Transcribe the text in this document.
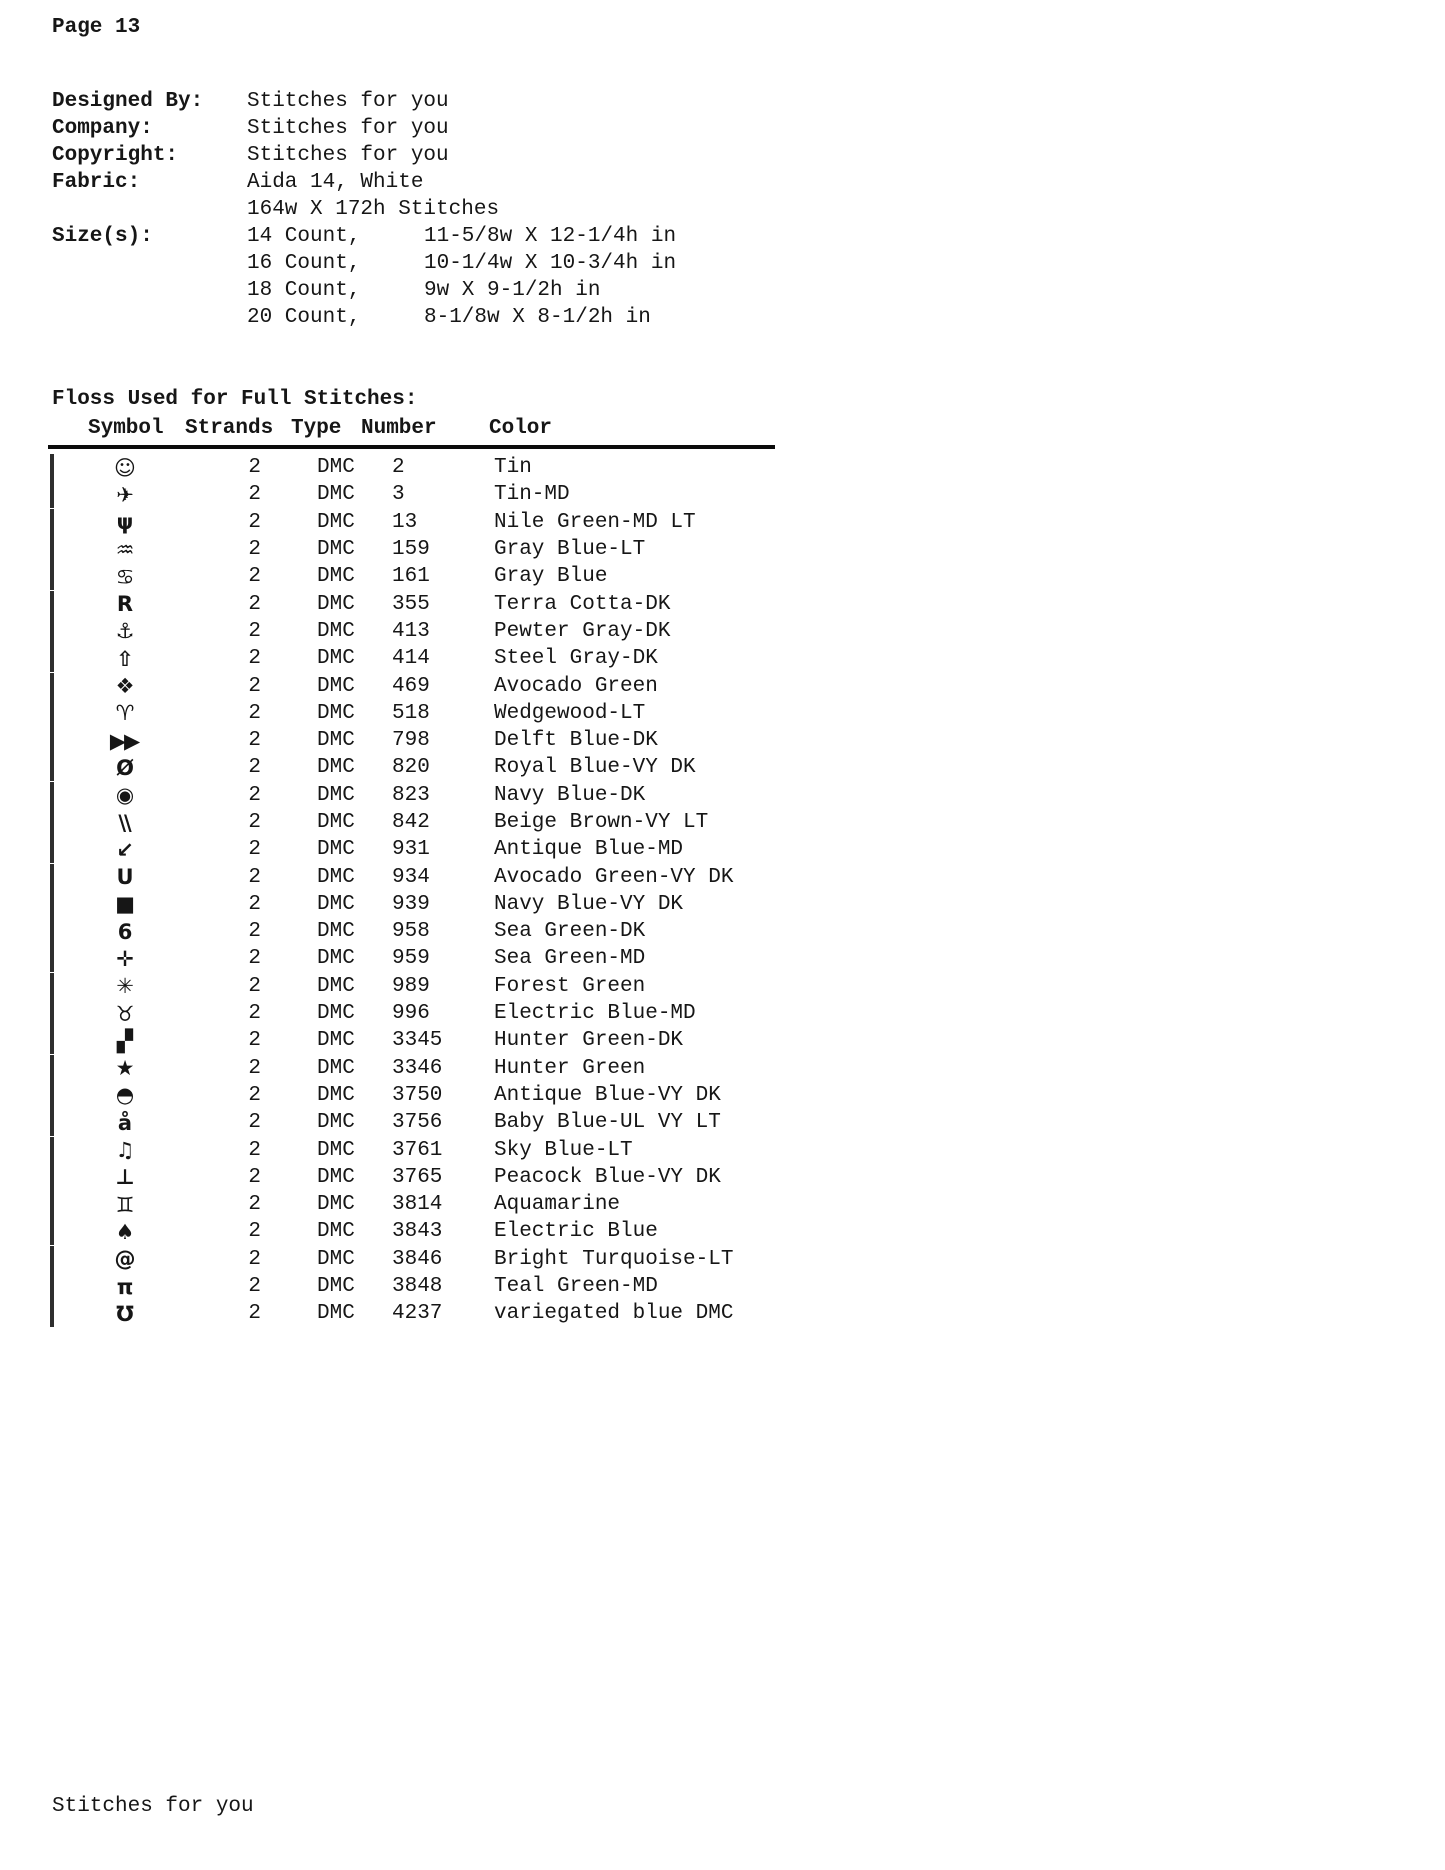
Page 13
Designed By:	Stitches for you
Company:	Stitches for you
Copyright:	Stitches for you
Fabric:	Aida 14, White
164w X 172h Stitches
Size(s):	14 Count,	11-5/8w X 12-1/4h in
16 Count,	10-1/4w X 10-3/4h in
18 Count,	9w X 9-1/2h in
20 Count,	8-1/8w X 8-1/2h in
Floss Used for Full Stitches:
Symbol	Strands Type Number	Color
☺	2	DMC	2	Tin
✈	2	DMC	3	Tin-MD
ψ	2	DMC	13	Nile Green-MD LT
♒	2	DMC	159	Gray Blue-LT
♋	2	DMC	161	Gray Blue
R	2	DMC	355	Terra Cotta-DK
⚓	2	DMC	413	Pewter Gray-DK
⇧	2	DMC	414	Steel Gray-DK
❖	2	DMC	469	Avocado Green
♈	2	DMC	518	Wedgewood-LT
▶▶	2	DMC	798	Delft Blue-DK
Ø	2	DMC	820	Royal Blue-VY DK
◉	2	DMC	823	Navy Blue-DK
\\	2	DMC	842	Beige Brown-VY LT
↙	2	DMC	931	Antique Blue-MD
U	2	DMC	934	Avocado Green-VY DK
■	2	DMC	939	Navy Blue-VY DK
6	2	DMC	958	Sea Green-DK
✛	2	DMC	959	Sea Green-MD
✳	2	DMC	989	Forest Green
♉	2	DMC	996	Electric Blue-MD
▞	2	DMC	3345	Hunter Green-DK
★	2	DMC	3346	Hunter Green
◓	2	DMC	3750	Antique Blue-VY DK
å	2	DMC	3756	Baby Blue-UL VY LT
♫	2	DMC	3761	Sky Blue-LT
⊥	2	DMC	3765	Peacock Blue-VY DK
♊	2	DMC	3814	Aquamarine
♠	2	DMC	3843	Electric Blue
@	2	DMC	3846	Bright Turquoise-LT
π	2	DMC	3848	Teal Green-MD
℧	2	DMC	4237	variegated blue DMC
Stitches for you
